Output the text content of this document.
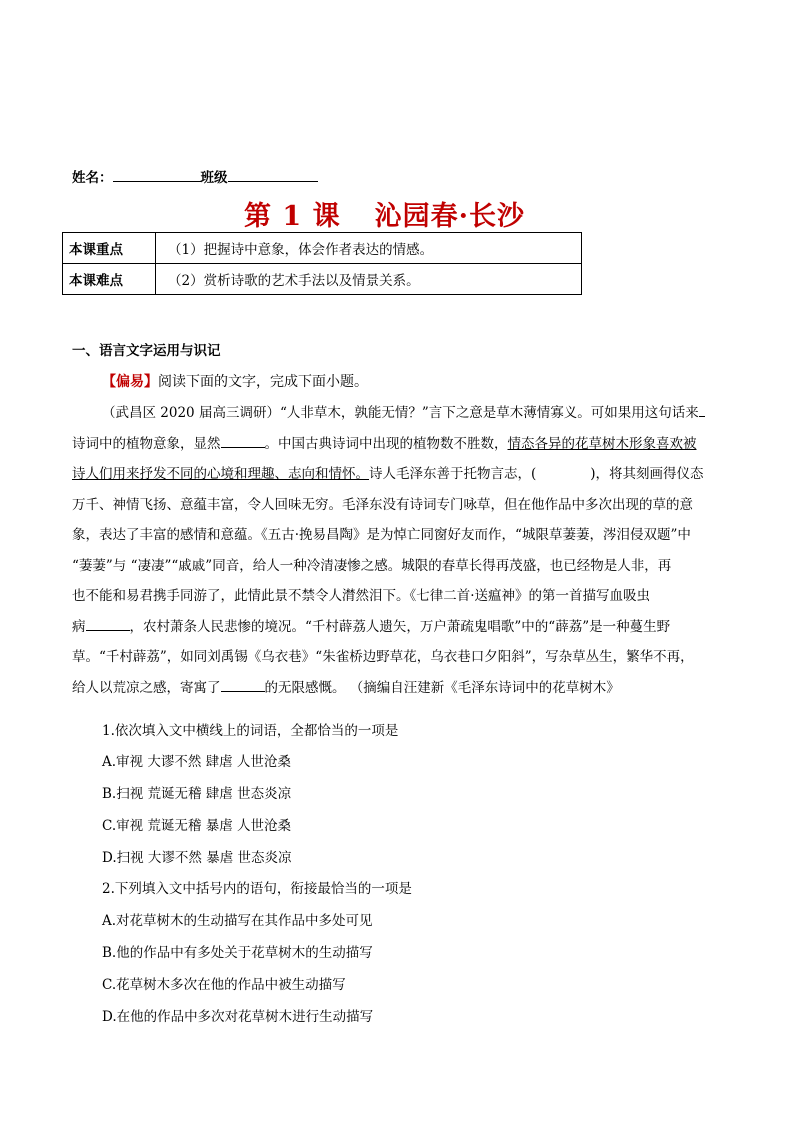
姓名：	班级
第 1 课 沁园春·长沙
本课重点	（1）把握诗中意象，体会作者表达的情感。
本课难点	（2）赏析诗歌的艺术手法以及情景关系。
一、语言文字运用与识记
【偏易】阅读下面的文字，完成下面小题。
（武昌区 2020 届高三调研）“人非草木，孰能无情？”言下之意是草木薄情寡义。可如果用这句话来
诗词中的植物意象，显然	。中国古典诗词中出现的植物数不胜数，情态各异的花草树木形象喜欢被
诗人们用来抒发不同的心境和理趣、志向和情怀。诗人毛泽东善于托物言志，(　　　　)，将其刻画得仪态
万千、神情飞扬、意蕴丰富，令人回味无穷。毛泽东没有诗词专门咏草，但在他作品中多次出现的草的意
象，表达了丰富的感情和意蕴。《五古·挽易昌陶》是为悼亡同窗好友而作，“城限草萋萋，涔泪侵双题”中
“萋萋”与 “凄凄”“戚戚”同音，给人一种冷清凄惨之感。城限的春草长得再茂盛，也已经物是人非，再
也不能和易君携手同游了，此情此景不禁令人潸然泪下。《七律二首·送瘟神》的第一首描写血吸虫
病	，农村萧条人民悲惨的境况。“千村薜荔人遗矢，万户萧疏鬼唱歌”中的“薜荔”是一种蔓生野
草。“千村薜荔”，如同刘禹锡《乌衣巷》“朱雀桥边野草花，乌衣巷口夕阳斜”，写杂草丛生，繁华不再，
给人以荒凉之感，寄寓了	的无限感慨。 （摘编自汪建新《毛泽东诗词中的花草树木》
1.依次填入文中横线上的词语，全都恰当的一项是
A.审视 大谬不然 肆虐 人世沧桑
B.扫视 荒诞无稽 肆虐 世态炎凉
C.审视 荒诞无稽 暴虐 人世沧桑
D.扫视 大谬不然 暴虐 世态炎凉
2.下列填入文中括号内的语句，衔接最恰当的一项是
A.对花草树木的生动描写在其作品中多处可见
B.他的作品中有多处关于花草树木的生动描写
C.花草树木多次在他的作品中被生动描写
D.在他的作品中多次对花草树木进行生动描写
